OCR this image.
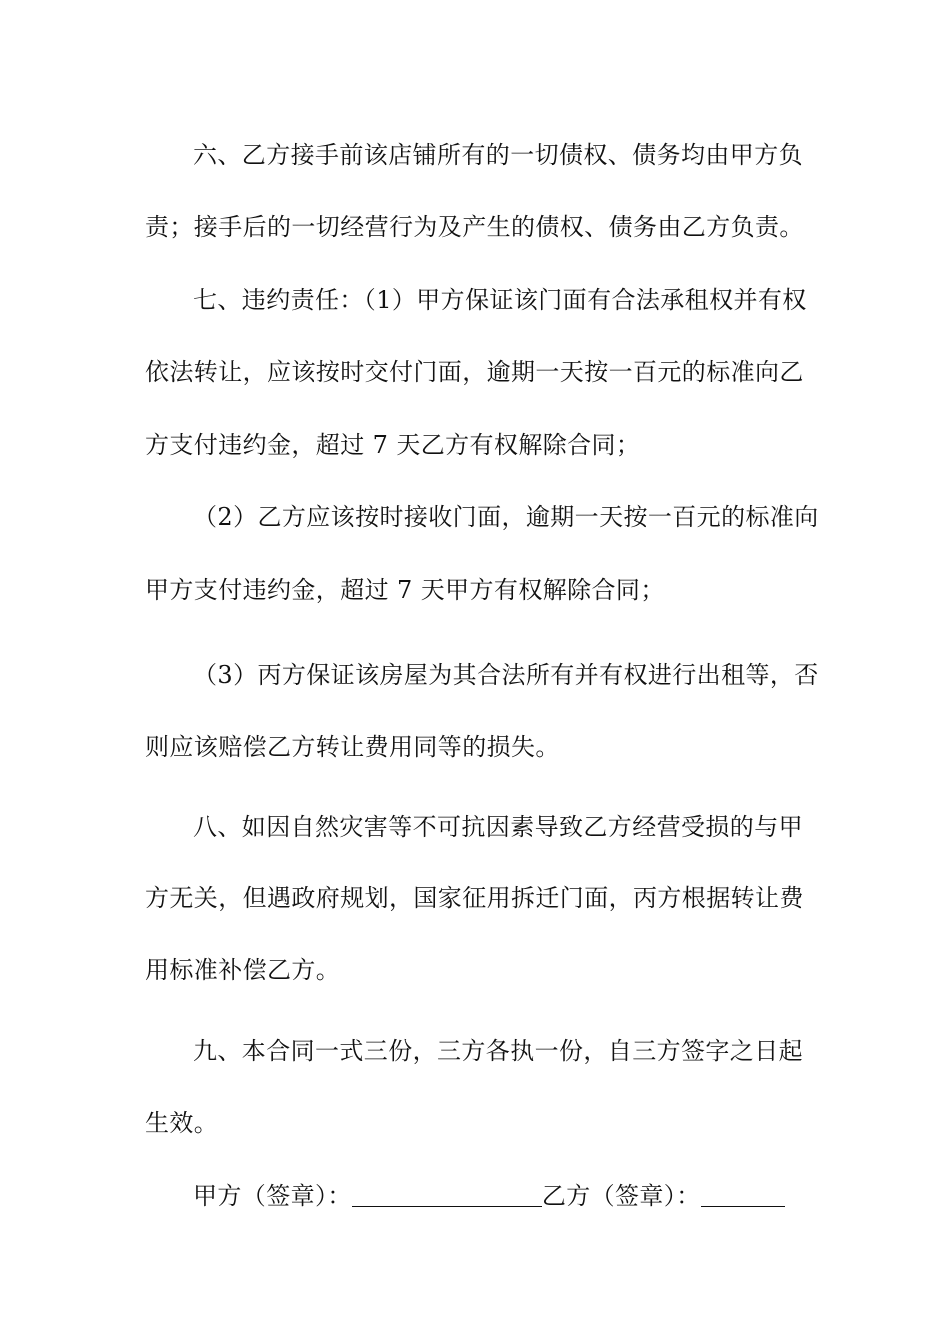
六、乙方接手前该店铺所有的一切债权、债务均由甲方负
责；接手后的一切经营行为及产生的债权、债务由乙方负责。
七、违约责任：（1）甲方保证该门面有合法承租权并有权
依法转让，应该按时交付门面，逾期一天按一百元的标准向乙
方支付违约金，超过 7 天乙方有权解除合同；
（2）乙方应该按时接收门面，逾期一天按一百元的标准向
甲方支付违约金，超过 7 天甲方有权解除合同；
（3）丙方保证该房屋为其合法所有并有权进行出租等，否
则应该赔偿乙方转让费用同等的损失。
八、如因自然灾害等不可抗因素导致乙方经营受损的与甲
方无关，但遇政府规划，国家征用拆迁门面，丙方根据转让费
用标准补偿乙方。
九、本合同一式三份，三方各执一份，自三方签字之日起
生效。
甲方（签章）：	乙方（签章）：
